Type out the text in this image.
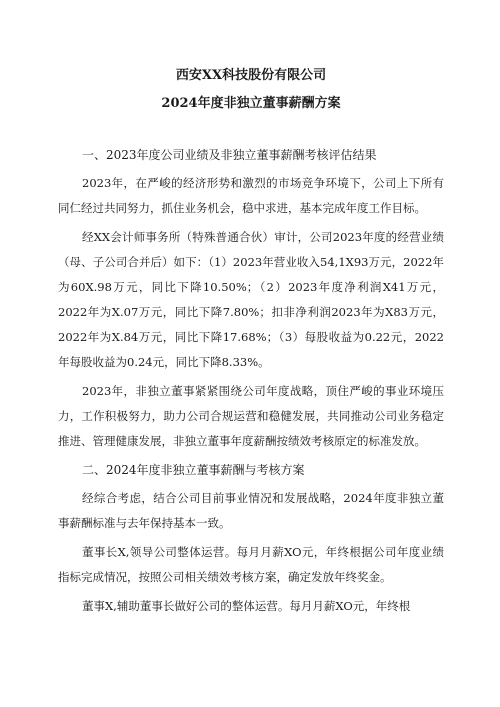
西安XX科技股份有限公司

2024年度非独立董事薪酬方案

一、2023年度公司业绩及非独立董事薪酬考核评估结果

2023年，在严峻的经济形势和激烈的市场竞争环境下，公司上下所有同仁经过共同努力，抓住业务机会，稳中求进，基本完成年度工作目标。

经XX会计师事务所（特殊普通合伙）审计，公司2023年度的经营业绩（母、子公司合并后）如下：（1）2023年营业收入54,1X93万元，2022年为60X.98万元，同比下降10.50%；（2）2023年度净利润X41万元，2022年为X.07万元，同比下降7.80%；扣非净利润2023年为X83万元，2022年为X.84万元，同比下降17.68%；（3）每股收益为0.22元，2022年每股收益为0.24元，同比下降8.33%。

2023年，非独立董事紧紧围绕公司年度战略，顶住严峻的事业环境压力，工作积极努力，助力公司合规运营和稳健发展，共同推动公司业务稳定推进、管理健康发展，非独立董事年度薪酬按绩效考核原定的标准发放。

二、2024年度非独立董事薪酬与考核方案

经综合考虑，结合公司目前事业情况和发展战略，2024年度非独立董事薪酬标准与去年保持基本一致。

董事长X,领导公司整体运营。每月月薪XO元，年终根据公司年度业绩指标完成情况，按照公司相关绩效考核方案，确定发放年终奖金。

董事X,辅助董事长做好公司的整体运营。每月月薪XO元，年终根
